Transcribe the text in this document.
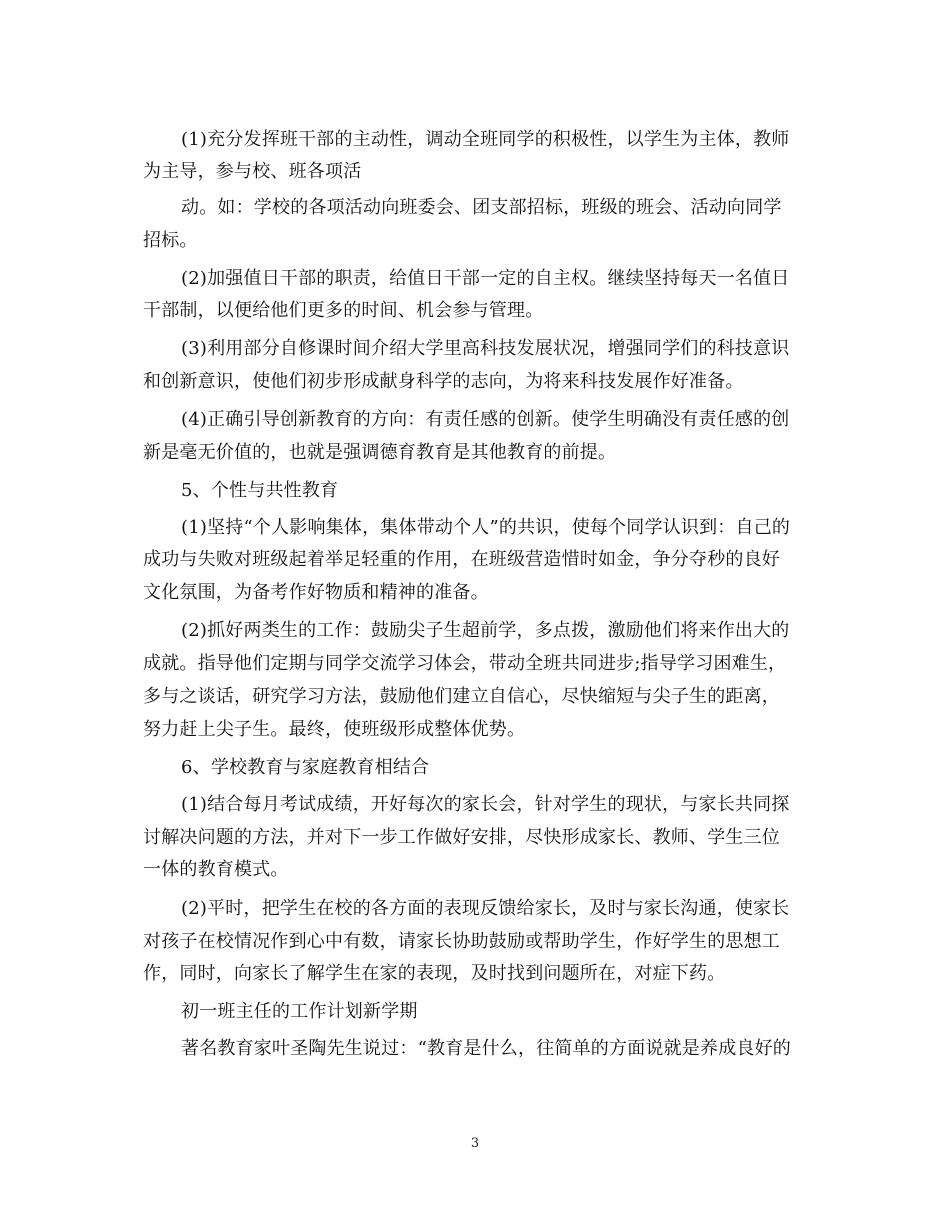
(1)充分发挥班干部的主动性，调动全班同学的积极性，以学生为主体，教师
为主导，参与校、班各项活
动。如：学校的各项活动向班委会、团支部招标，班级的班会、活动向同学
招标。
(2)加强值日干部的职责，给值日干部一定的自主权。继续坚持每天一名值日
干部制，以便给他们更多的时间、机会参与管理。
(3)利用部分自修课时间介绍大学里高科技发展状况，增强同学们的科技意识
和创新意识，使他们初步形成献身科学的志向，为将来科技发展作好准备。
(4)正确引导创新教育的方向：有责任感的创新。使学生明确没有责任感的创
新是毫无价值的，也就是强调德育教育是其他教育的前提。
5、个性与共性教育
(1)坚持“个人影响集体，集体带动个人”的共识，使每个同学认识到：自己的
成功与失败对班级起着举足轻重的作用，在班级营造惜时如金，争分夺秒的良好
文化氛围，为备考作好物质和精神的准备。
(2)抓好两类生的工作：鼓励尖子生超前学，多点拨，激励他们将来作出大的
成就。指导他们定期与同学交流学习体会，带动全班共同进步;指导学习困难生，
多与之谈话，研究学习方法，鼓励他们建立自信心，尽快缩短与尖子生的距离，
努力赶上尖子生。最终，使班级形成整体优势。
6、学校教育与家庭教育相结合
(1)结合每月考试成绩，开好每次的家长会，针对学生的现状，与家长共同探
讨解决问题的方法，并对下一步工作做好安排，尽快形成家长、教师、学生三位
一体的教育模式。
(2)平时，把学生在校的各方面的表现反馈给家长，及时与家长沟通，使家长
对孩子在校情况作到心中有数，请家长协助鼓励或帮助学生，作好学生的思想工
作，同时，向家长了解学生在家的表现，及时找到问题所在，对症下药。
初一班主任的工作计划新学期
著名教育家叶圣陶先生说过：“教育是什么，往简单的方面说就是养成良好的
3
